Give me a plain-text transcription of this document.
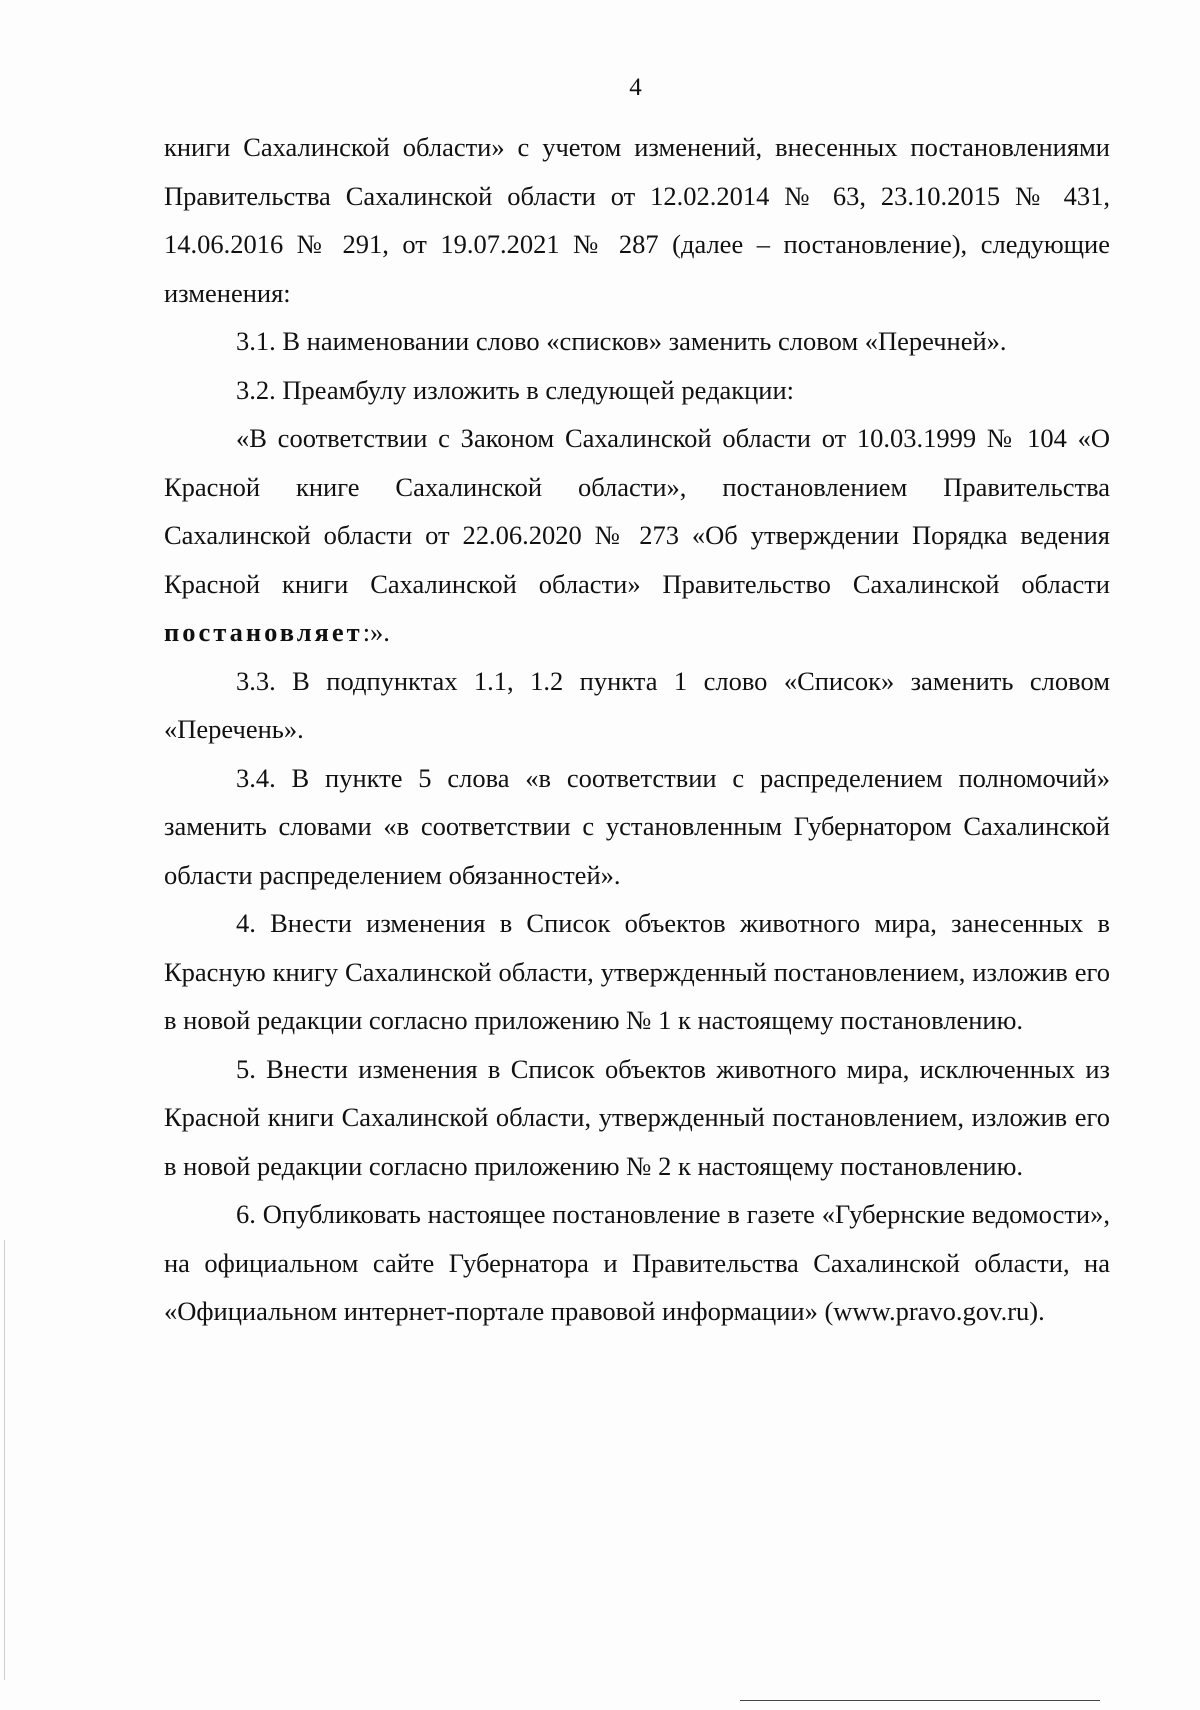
4

книги Сахалинской области» с учетом изменений, внесенных постановлениями Правительства Сахалинской области от 12.02.2014 № 63, 23.10.2015 № 431, 14.06.2016 № 291, от 19.07.2021 № 287 (далее – постановление), следующие изменения:

3.1. В наименовании слово «списков» заменить словом «Перечней».

3.2. Преамбулу изложить в следующей редакции:

«В соответствии с Законом Сахалинской области от 10.03.1999 № 104 «О Красной книге Сахалинской области», постановлением Правительства Сахалинской области от 22.06.2020 № 273 «Об утверждении Порядка ведения Красной книги Сахалинской области» Правительство Сахалинской области постановляет:».

3.3. В подпунктах 1.1, 1.2 пункта 1 слово «Список» заменить словом «Перечень».

3.4. В пункте 5 слова «в соответствии с распределением полномочий» заменить словами «в соответствии с установленным Губернатором Сахалинской области распределением обязанностей».

4. Внести изменения в Список объектов животного мира, занесенных в Красную книгу Сахалинской области, утвержденный постановлением, изложив его в новой редакции согласно приложению № 1 к настоящему постановлению.

5. Внести изменения в Список объектов животного мира, исключенных из Красной книги Сахалинской области, утвержденный постановлением, изложив его в новой редакции согласно приложению № 2 к настоящему постановлению.

6. Опубликовать настоящее постановление в газете «Губернские ведомости», на официальном сайте Губернатора и Правительства Сахалинской области, на «Официальном интернет-портале правовой информации» (www.pravo.gov.ru).
